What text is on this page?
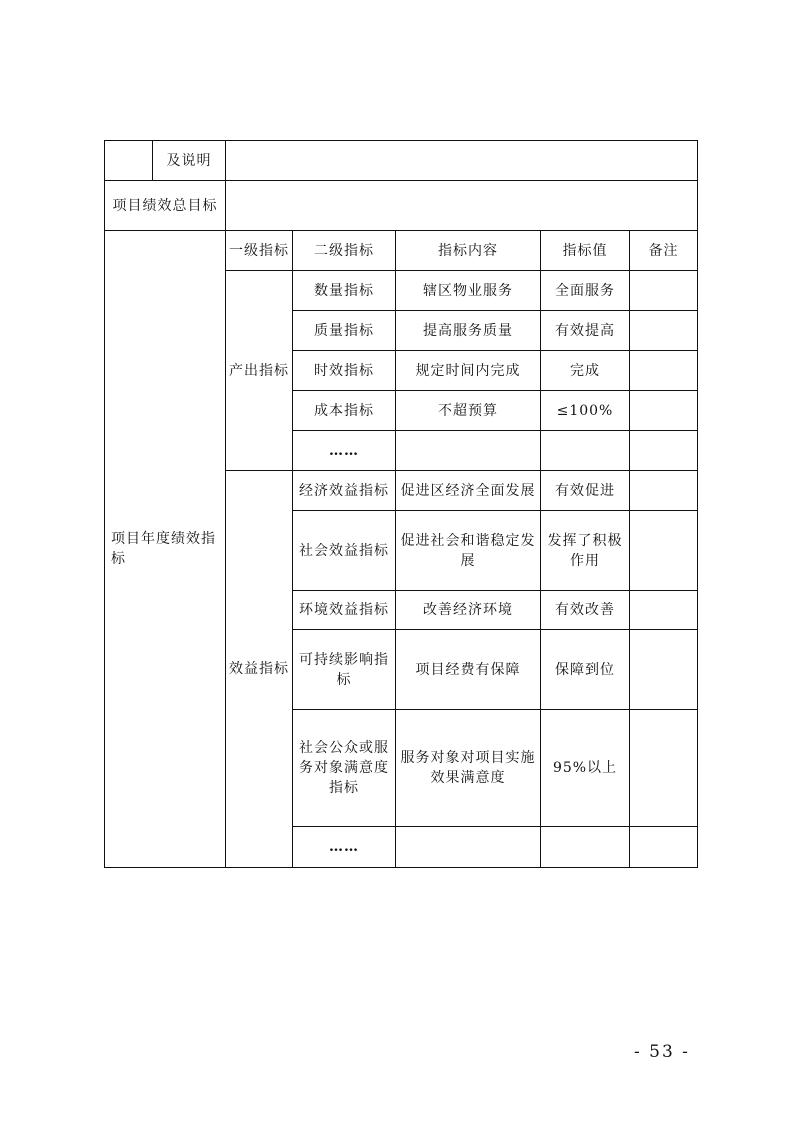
	及说明					
项目绩效总目标						
项目年度绩效指标		一级指标	二级指标	指标内容	指标值	备注
		产出指标	数量指标	辖区物业服务	全面服务	
			质量指标	提高服务质量	有效提高	
			时效指标	规定时间内完成	完成	
			成本指标	不超预算	≤100%	
			……			
		效益指标	经济效益指标	促进区经济全面发展	有效促进	
			社会效益指标	促进社会和谐稳定发展	发挥了积极作用	
			环境效益指标	改善经济环境	有效改善	
			可持续影响指标	项目经费有保障	保障到位	
			社会公众或服务对象满意度指标	服务对象对项目实施效果满意度	95%以上	
			……			
- 53 -
